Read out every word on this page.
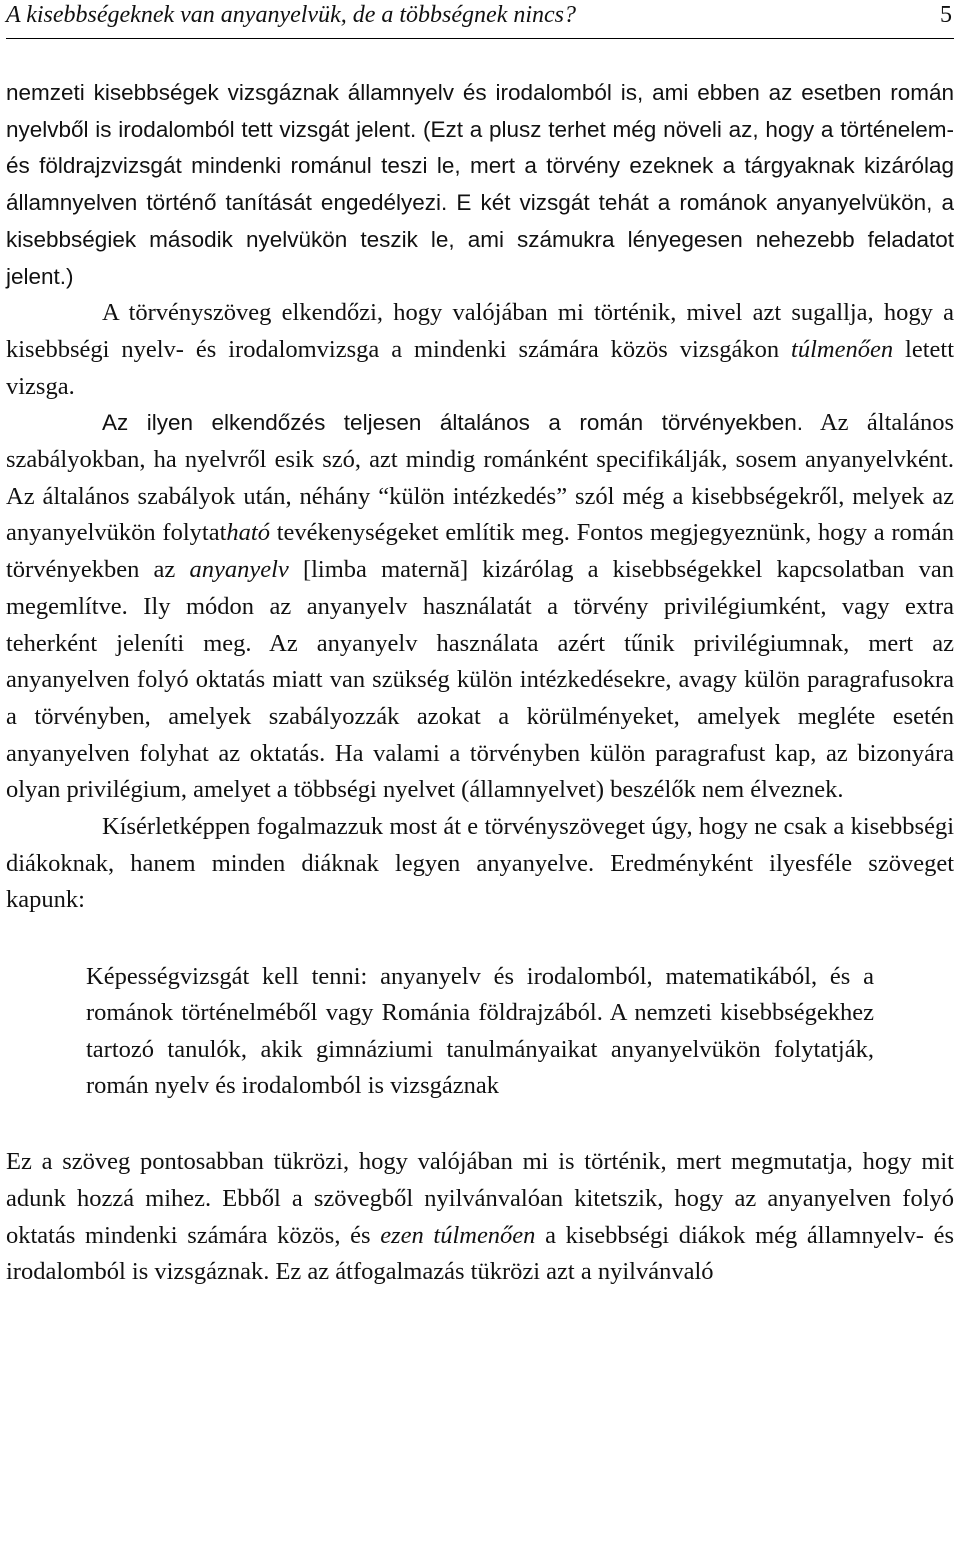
A kisebbségeknek van anyanyelvük, de a többségnek nincs?	5

nemzeti kisebbségek vizsgáznak államnyelv és irodalomból is, ami ebben az esetben román nyelvből is irodalomból tett vizsgát jelent. (Ezt a plusz terhet még növeli az, hogy a történelem- és földrajzvizsgát mindenki románul teszi le, mert a törvény ezeknek a tárgyaknak kizárólag államnyelven történő tanítását engedélyezi. E két vizsgát tehát a románok anyanyelvükön, a kisebbségiek második nyelvükön teszik le, ami számukra lényegesen nehezebb feladatot jelent.)

A törvényszöveg elkendőzi, hogy valójában mi történik, mivel azt sugallja, hogy a kisebbségi nyelv- és irodalomvizsga a mindenki számára közös vizsgákon túlmenően letett vizsga.

Az ilyen elkendőzés teljesen általános a román törvényekben. Az általános szabályokban, ha nyelvről esik szó, azt mindig románként specifikálják, sosem anyanyelvként. Az általános szabályok után, néhány “külön intézkedés” szól még a kisebbségekről, melyek az anyanyelvükön folytatható tevékenységeket említik meg. Fontos megjegyeznünk, hogy a román törvényekben az anyanyelv [limba maternă] kizárólag a kisebbségekkel kapcsolatban van megemlítve. Ily módon az anyanyelv használatát a törvény privilégiumként, vagy extra teherként jeleníti meg. Az anyanyelv használata azért tűnik privilégiumnak, mert az anyanyelven folyó oktatás miatt van szükség külön intézkedésekre, avagy külön paragrafusokra a törvényben, amelyek szabályozzák azokat a körülményeket, amelyek megléte esetén anyanyelven folyhat az oktatás. Ha valami a törvényben külön paragrafust kap, az bizonyára olyan privilégium, amelyet a többségi nyelvet (államnyelvet) beszélők nem élveznek.

Kísérletképpen fogalmazzuk most át e törvényszöveget úgy, hogy ne csak a kisebbségi diákoknak, hanem minden diáknak legyen anyanyelve. Eredményként ilyesféle szöveget kapunk:

Képességvizsgát kell tenni: anyanyelv és irodalomból, matematikából, és a románok történelméből vagy Románia földrajzából. A nemzeti kisebbségekhez tartozó tanulók, akik gimnáziumi tanulmányaikat anyanyelvükön folytatják, román nyelv és irodalomból is vizsgáznak

Ez a szöveg pontosabban tükrözi, hogy valójában mi is történik, mert megmutatja, hogy mit adunk hozzá mihez. Ebből a szövegből nyilvánvalóan kitetszik, hogy az anyanyelven folyó oktatás mindenki számára közös, és ezen túlmenően a kisebbségi diákok még államnyelv- és irodalomból is vizsgáznak. Ez az átfogalmazás tükrözi azt a nyilvánvaló
